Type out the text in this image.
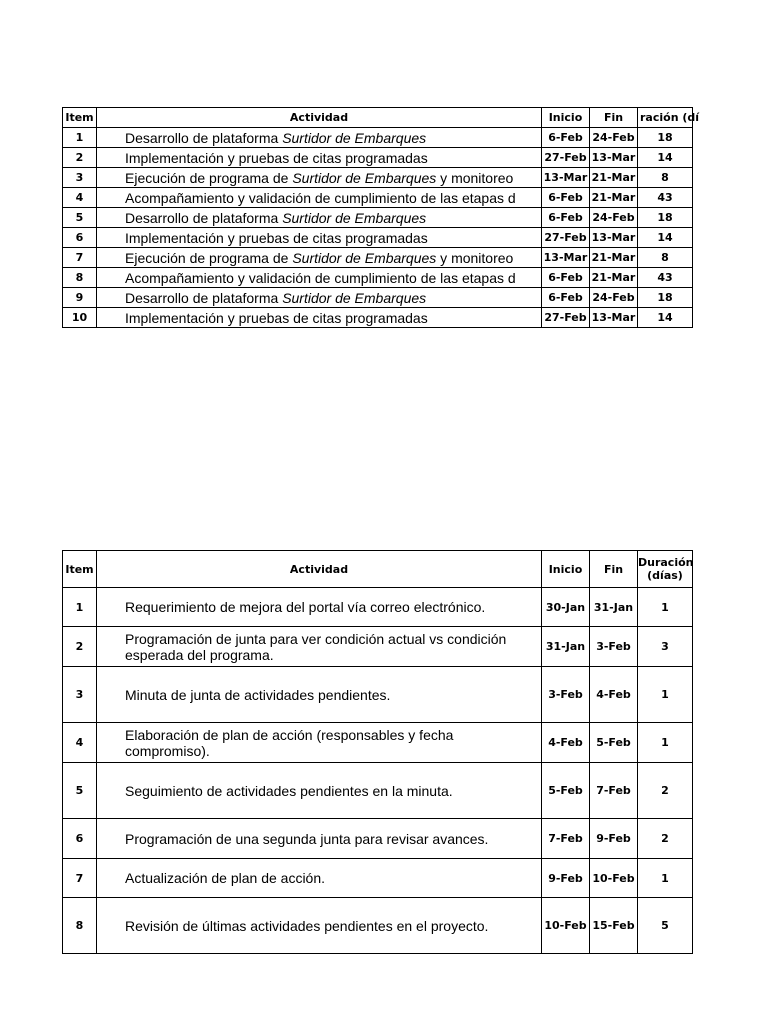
Item	Actividad	Inicio	Fin	ración (dí
1	Desarrollo de plataforma Surtidor de Embarques	6-Feb	24-Feb	18
2	Implementación y pruebas de citas programadas	27-Feb	13-Mar	14
3	Ejecución de programa de Surtidor de Embarques y monitoreo	13-Mar	21-Mar	8
4	Acompañamiento y validación de cumplimiento de las etapas d	6-Feb	21-Mar	43
5	Desarrollo de plataforma Surtidor de Embarques	6-Feb	24-Feb	18
6	Implementación y pruebas de citas programadas	27-Feb	13-Mar	14
7	Ejecución de programa de Surtidor de Embarques y monitoreo	13-Mar	21-Mar	8
8	Acompañamiento y validación de cumplimiento de las etapas d	6-Feb	21-Mar	43
9	Desarrollo de plataforma Surtidor de Embarques	6-Feb	24-Feb	18
10	Implementación y pruebas de citas programadas	27-Feb	13-Mar	14
Item	Actividad	Inicio	Fin	Duración (días)
1	Requerimiento de mejora del portal vía correo electrónico.	30-Jan	31-Jan	1
2	Programación de junta para ver condición actual vs condición esperada del programa.	31-Jan	3-Feb	3
3	Minuta de junta de actividades pendientes.	3-Feb	4-Feb	1
4	Elaboración de plan de acción (responsables y fecha compromiso).	4-Feb	5-Feb	1
5	Seguimiento de actividades pendientes en la minuta.	5-Feb	7-Feb	2
6	Programación de una segunda junta para revisar avances.	7-Feb	9-Feb	2
7	Actualización de plan de acción.	9-Feb	10-Feb	1
8	Revisión de últimas actividades pendientes en el proyecto.	10-Feb	15-Feb	5
